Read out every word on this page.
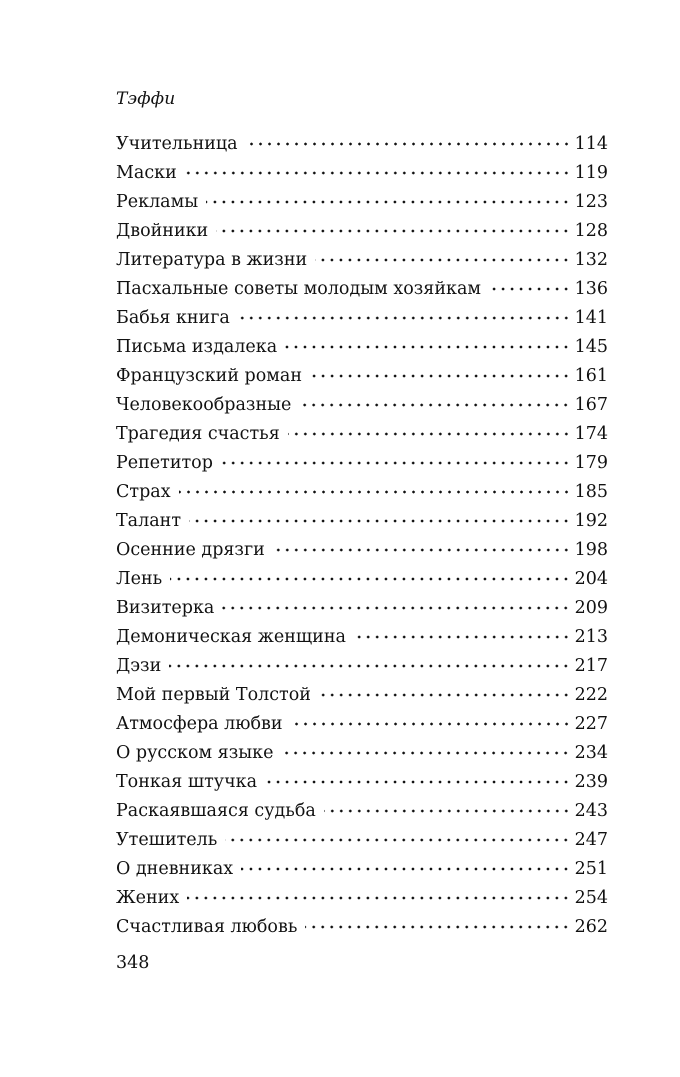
Тэффи
Учительница	114
Маски	119
Рекламы	123
Двойники	128
Литература в жизни	132
Пасхальные советы молодым хозяйкам	136
Бабья книга	141
Письма издалека	145
Французский роман	161
Человекообразные	167
Трагедия счастья	174
Репетитор	179
Страх	185
Талант	192
Осенние дрязги	198
Лень	204
Визитерка	209
Демоническая женщина	213
Дэзи	217
Мой первый Толстой	222
Атмосфера любви	227
О русском языке	234
Тонкая штучка	239
Раскаявшаяся судьба	243
Утешитель	247
О дневниках	251
Жених	254
Счастливая любовь	262
348
